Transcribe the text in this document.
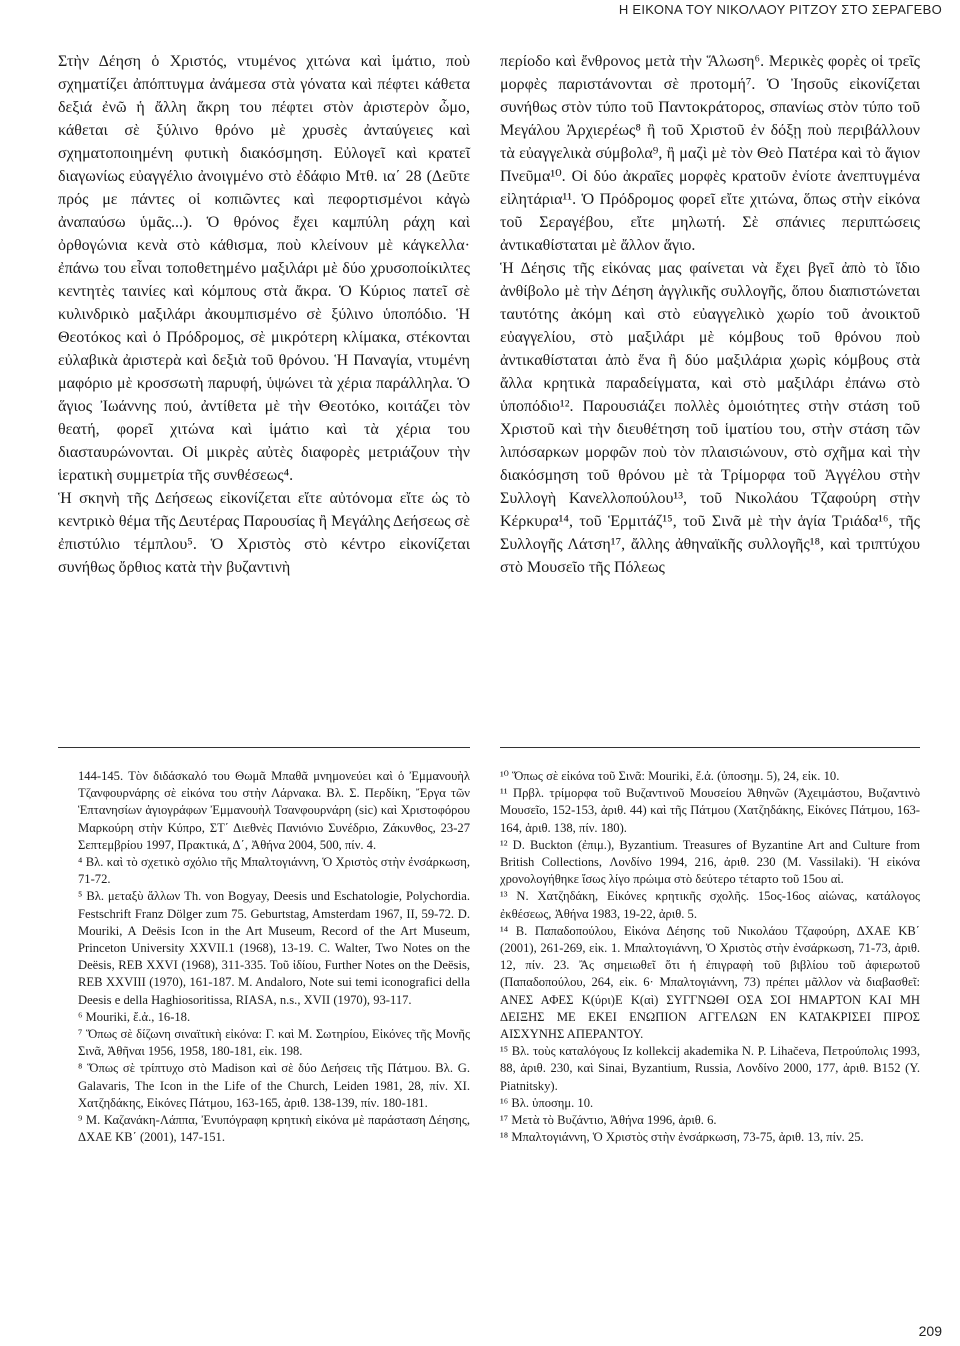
Η ΕΙΚΟΝΑ ΤΟΥ ΝΙΚΟΛΑΟΥ ΡΙΤΖΟΥ ΣΤΟ ΣΕΡΑΓΕΒΟ

Στὴν Δέηση ὁ Χριστός, ντυμένος χιτώνα καὶ ἱμάτιο, ποὺ σχηματίζει ἀπόπτυγμα ἀνάμεσα στὰ γόνατα καὶ πέφτει κάθετα δεξιά ἐνῶ ἡ ἄλλη ἄκρη του πέφτει στὸν ἀριστερὸν ὦμο, κάθεται σὲ ξύλινο θρόνο μὲ χρυσὲς ἀνταύγειες καὶ σχηματοποιημένη φυτικὴ διακόσμηση. Εὐλογεῖ καὶ κρατεῖ διαγωνίως εὐαγγέλιο ἀνοιγμένο στὸ ἐδάφιο Μτθ. ια΄ 28 (Δεῦτε πρός με πάντες οἱ κοπιῶντες καὶ πεφορτισμένοι κἀγὼ ἀναπαύσω ὑμᾶς...). Ὁ θρόνος ἔχει καμπύλη ράχη καὶ ὀρθογώνια κενὰ στὸ κάθισμα, ποὺ κλείνουν μὲ κάγκελλα· ἐπάνω του εἶναι τοποθετημένο μαξιλάρι μὲ δύο χρυσοποίκιλτες κεντητὲς ταινίες καὶ κόμπους στὰ ἄκρα. Ὁ Κύριος πατεῖ σὲ κυλινδρικὸ μαξιλάρι ἀκουμπισμένο σὲ ξύλινο ὑποπόδιο. Ἡ Θεοτόκος καὶ ὁ Πρόδρομος, σὲ μικρότερη κλίμακα, στέκονται εὐλαβικὰ ἀριστερὰ καὶ δεξιὰ τοῦ θρόνου. Ἡ Παναγία, ντυμένη μαφόριο μὲ κροσσωτὴ παρυφή, ὑψώνει τὰ χέρια παράλληλα. Ὁ ἅγιος Ἰωάννης πού, ἀντίθετα μὲ τὴν Θεοτόκο, κοιτάζει τὸν θεατή, φορεῖ χιτώνα καὶ ἱμάτιο καὶ τὰ χέρια του διασταυρώνονται. Οἱ μικρὲς αὐτὲς διαφορὲς μετριάζουν τὴν ἱερατικὴ συμμετρία τῆς συνθέσεως⁴.

Ἡ σκηνὴ τῆς Δεήσεως εἰκονίζεται εἴτε αὐτόνομα εἴτε ὡς τὸ κεντρικὸ θέμα τῆς Δευτέρας Παρουσίας ἢ Μεγάλης Δεήσεως σὲ ἐπιστύλιο τέμπλου⁵. Ὁ Χριστὸς στὸ κέντρο εἰκονίζεται συνήθως ὄρθιος κατὰ τὴν βυζαντινὴ

περίοδο καὶ ἔνθρονος μετὰ τὴν Ἅλωση⁶. Μερικὲς φορὲς οἱ τρεῖς μορφὲς παριστάνονται σὲ προτομή⁷. Ὁ Ἰησοῦς εἰκονίζεται συνήθως στὸν τύπο τοῦ Παντοκράτορος, σπανίως στὸν τύπο τοῦ Μεγάλου Ἀρχιερέως⁸ ἢ τοῦ Χριστοῦ ἐν δόξῃ ποὺ περιβάλλουν τὰ εὐαγγελικὰ σύμβολα⁹, ἢ μαζὶ μὲ τὸν Θεὸ Πατέρα καὶ τὸ ἅγιον Πνεῦμα¹⁰. Οἱ δύο ἀκραῖες μορφὲς κρατοῦν ἐνίοτε ἀνεπτυγμένα εἰλητάρια¹¹. Ὁ Πρόδρομος φορεῖ εἴτε χιτώνα, ὅπως στὴν εἰκόνα τοῦ Σεραγέβου, εἴτε μηλωτή. Σὲ σπάνιες περιπτώσεις ἀντικαθίσταται μὲ ἄλλον ἅγιο.

Ἡ Δέησις τῆς εἰκόνας μας φαίνεται νὰ ἔχει βγεῖ ἀπὸ τὸ ἴδιο ἀνθίβολο μὲ τὴν Δέηση ἀγγλικῆς συλλογῆς, ὅπου διαπιστώνεται ταυτότης ἀκόμη καὶ στὸ εὐαγγελικὸ χωρίο τοῦ ἀνοικτοῦ εὐαγγελίου, στὸ μαξιλάρι μὲ κόμβους τοῦ θρόνου ποὺ ἀντικαθίσταται ἀπὸ ἕνα ἢ δύο μαξιλάρια χωρὶς κόμβους στὰ ἄλλα κρητικὰ παραδείγματα, καὶ στὸ μαξιλάρι ἐπάνω στὸ ὑποπόδιο¹². Παρουσιάζει πολλὲς ὁμοιότητες στὴν στάση τοῦ Χριστοῦ καὶ τὴν διευθέτηση τοῦ ἱματίου του, στὴν στάση τῶν λιπόσαρκων μορφῶν ποὺ τὸν πλαισιώνουν, στὸ σχῆμα καὶ τὴν διακόσμηση τοῦ θρόνου μὲ τὰ Τρίμορφα τοῦ Ἀγγέλου στὴν Συλλογὴ Κανελλοπούλου¹³, τοῦ Νικολάου Τζαφούρη στὴν Κέρκυρα¹⁴, τοῦ Ἑρμιτάζ¹⁵, τοῦ Σινᾶ μὲ τὴν ἁγία Τριάδα¹⁶, τῆς Συλλογῆς Λάτση¹⁷, ἄλλης ἀθηναϊκῆς συλλογῆς¹⁸, καὶ τριπτύχου στὸ Μουσεῖο τῆς Πόλεως

144-145. Τὸν διδάσκαλό του Θωμᾶ Μπαθᾶ μνημονεύει καὶ ὁ Ἐμμανουὴλ Τζανφουρνάρης σὲ εἰκόνα του στὴν Λάρνακα. Βλ. Σ. Περδίκη, Ἔργα τῶν Ἑπτανησίων ἁγιογράφων Ἐμμανουὴλ Τσανφουρνάρη (sic) καὶ Χριστοφόρου Μαρκούρη στὴν Κύπρο, ΣΤ΄ Διεθνὲς Πανιόνιο Συνέδριο, Ζάκυνθος, 23-27 Σεπτεμβρίου 1997, Πρακτικά, Δ΄, Ἀθήνα 2004, 500, πίν. 4.

⁴ Βλ. καὶ τὸ σχετικὸ σχόλιο τῆς Μπαλτογιάννη, Ὁ Χριστὸς στὴν ἐνσάρκωση, 71-72.

⁵ Βλ. μεταξὺ ἄλλων Th. von Bogyay, Deesis und Eschatologie, Polychordia. Festschrift Franz Dölger zum 75. Geburtstag, Amsterdam 1967, II, 59-72. D. Mouriki, A Deësis Icon in the Art Museum, Record of the Art Museum, Princeton University XXVII.1 (1968), 13-19. C. Walter, Two Notes on the Deësis, REB XXVI (1968), 311-335. Τοῦ ἰδίου, Further Notes on the Deësis, REB XXVIII (1970), 161-187. M. Andaloro, Note sui temi iconografici della Deesis e della Haghiosoritissa, RIASA, n.s., XVII (1970), 93-117.

⁶ Mouriki, ἔ.ἀ., 16-18.

⁷ Ὅπως σὲ δίζωνη σιναϊτικὴ εἰκόνα: Γ. καὶ Μ. Σωτηρίου, Εἰκόνες τῆς Μονῆς Σινᾶ, Ἀθῆναι 1956, 1958, 180-181, εἰκ. 198.

⁸ Ὅπως σὲ τρίπτυχο στὸ Madison καὶ σὲ δύο Δεήσεις τῆς Πάτμου. Βλ. G. Galavaris, The Icon in the Life of the Church, Leiden 1981, 28, πίν. XI. Χατζηδάκης, Εἰκόνες Πάτμου, 163-165, ἀριθ. 138-139, πίν. 180-181.

⁹ Μ. Καζανάκη-Λάππα, Ἐνυπόγραφη κρητικὴ εἰκόνα μὲ παράσταση Δέησης, ΔΧΑΕ ΚΒ΄ (2001), 147-151.

¹⁰ Ὅπως σὲ εἰκόνα τοῦ Σινᾶ: Mouriki, ἔ.ἀ. (ὑποσημ. 5), 24, εἰκ. 10.

¹¹ Πρβλ. τρίμορφα τοῦ Βυζαντινοῦ Μουσείου Ἀθηνῶν (Ἀχειμάστου, Βυζαντινὸ Μουσεῖο, 152-153, ἀριθ. 44) καὶ τῆς Πάτμου (Χατζηδάκης, Εἰκόνες Πάτμου, 163-164, ἀριθ. 138, πίν. 180).

¹² D. Buckton (ἐπιμ.), Byzantium. Treasures of Byzantine Art and Culture from British Collections, Λονδίνο 1994, 216, ἀριθ. 230 (M. Vassilaki). Ἡ εἰκόνα χρονολογήθηκε ἴσως λίγο πρώιμα στὸ δεύτερο τέταρτο τοῦ 15ου αἰ.

¹³ Ν. Χατζηδάκη, Εἰκόνες κρητικῆς σχολῆς. 15ος-16ος αἰώνας, κατάλογος ἐκθέσεως, Ἀθήνα 1983, 19-22, ἀριθ. 5.

¹⁴ Β. Παπαδοπούλου, Εἰκόνα Δέησης τοῦ Νικολάου Τζαφούρη, ΔΧΑΕ ΚΒ΄ (2001), 261-269, εἰκ. 1. Μπαλτογιάννη, Ὁ Χριστὸς στὴν ἐνσάρκωση, 71-73, ἀριθ. 12, πίν. 23. Ἂς σημειωθεῖ ὅτι ἡ ἐπιγραφὴ τοῦ βιβλίου τοῦ ἀφιερωτοῦ (Παπαδοπούλου, 264, εἰκ. 6· Μπαλτογιάννη, 73) πρέπει μᾶλλον νὰ διαβασθεῖ: ΑΝΕΣ ΑΦΕΣ Κ(ύρι)Ε Κ(αὶ) ΣΥΓΓΝΩΘΙ ΟΣΑ ΣΟΙ ΗΜΑΡΤΟΝ ΚΑΙ ΜΗ ΔΕΙΞΗΣ ΜΕ ΕΚΕΙ ΕΝΩΠΙΟΝ ΑΓΓΕΛΩΝ ΕΝ ΚΑΤΑΚΡΙΣΕΙ ΠΙΡΟΣ ΑΙΣΧΥΝΗΣ ΑΠΕΡΑΝΤΟΥ.

¹⁵ Βλ. τοὺς καταλόγους Iz kollekcij akademika N. P. Lihačeva, Πετρούπολις 1993, 88, ἀριθ. 230, καὶ Sinai, Byzantium, Russia, Λονδίνο 2000, 177, ἀριθ. B152 (Y. Piatnitsky).

¹⁶ Βλ. ὑποσημ. 10.

¹⁷ Μετὰ τὸ Βυζάντιο, Ἀθήνα 1996, ἀριθ. 6.

¹⁸ Μπαλτογιάννη, Ὁ Χριστὸς στὴν ἐνσάρκωση, 73-75, ἀριθ. 13, πίν. 25.

209
